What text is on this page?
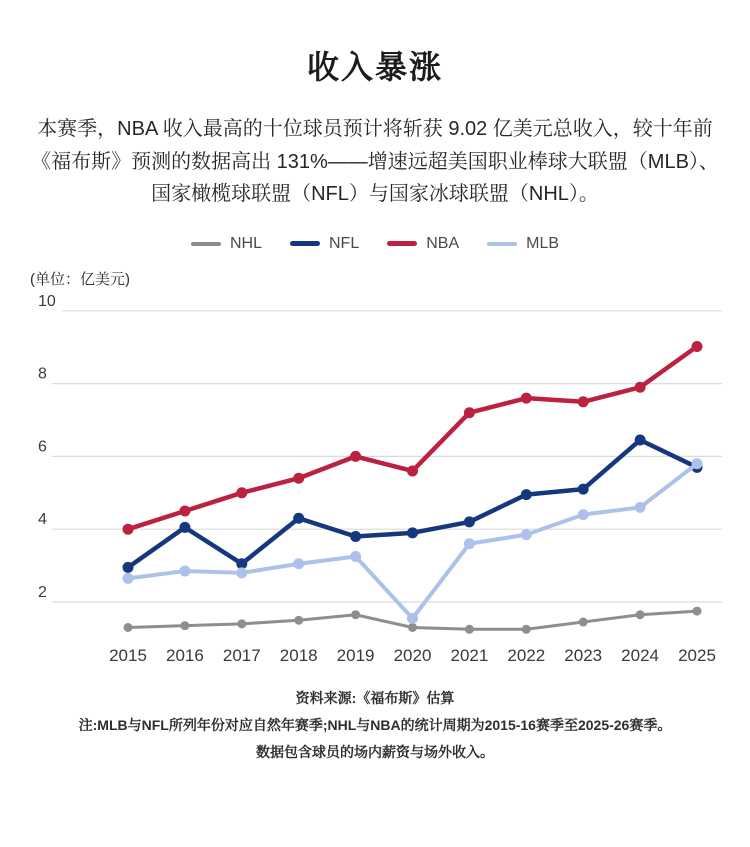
收入暴涨

本赛季，NBA 收入最高的十位球员预计将斩获 9.02 亿美元总收入，较十年前《福布斯》预测的数据高出 131%——增速远超美国职业棒球大联盟（MLB）、国家橄榄球联盟（NFL）与国家冰球联盟（NHL）。

NHL	NFL	NBA	MLB
(单位：亿美元)
10
8
6
4
2
2015 2016 2017 2018 2019 2020 2021 2022 2023 2024 2025
资料来源:《福布斯》估算
注:MLB与NFL所列年份对应自然年赛季;NHL与NBA的统计周期为2015-16赛季至2025-26赛季。
数据包含球员的场内薪资与场外收入。
